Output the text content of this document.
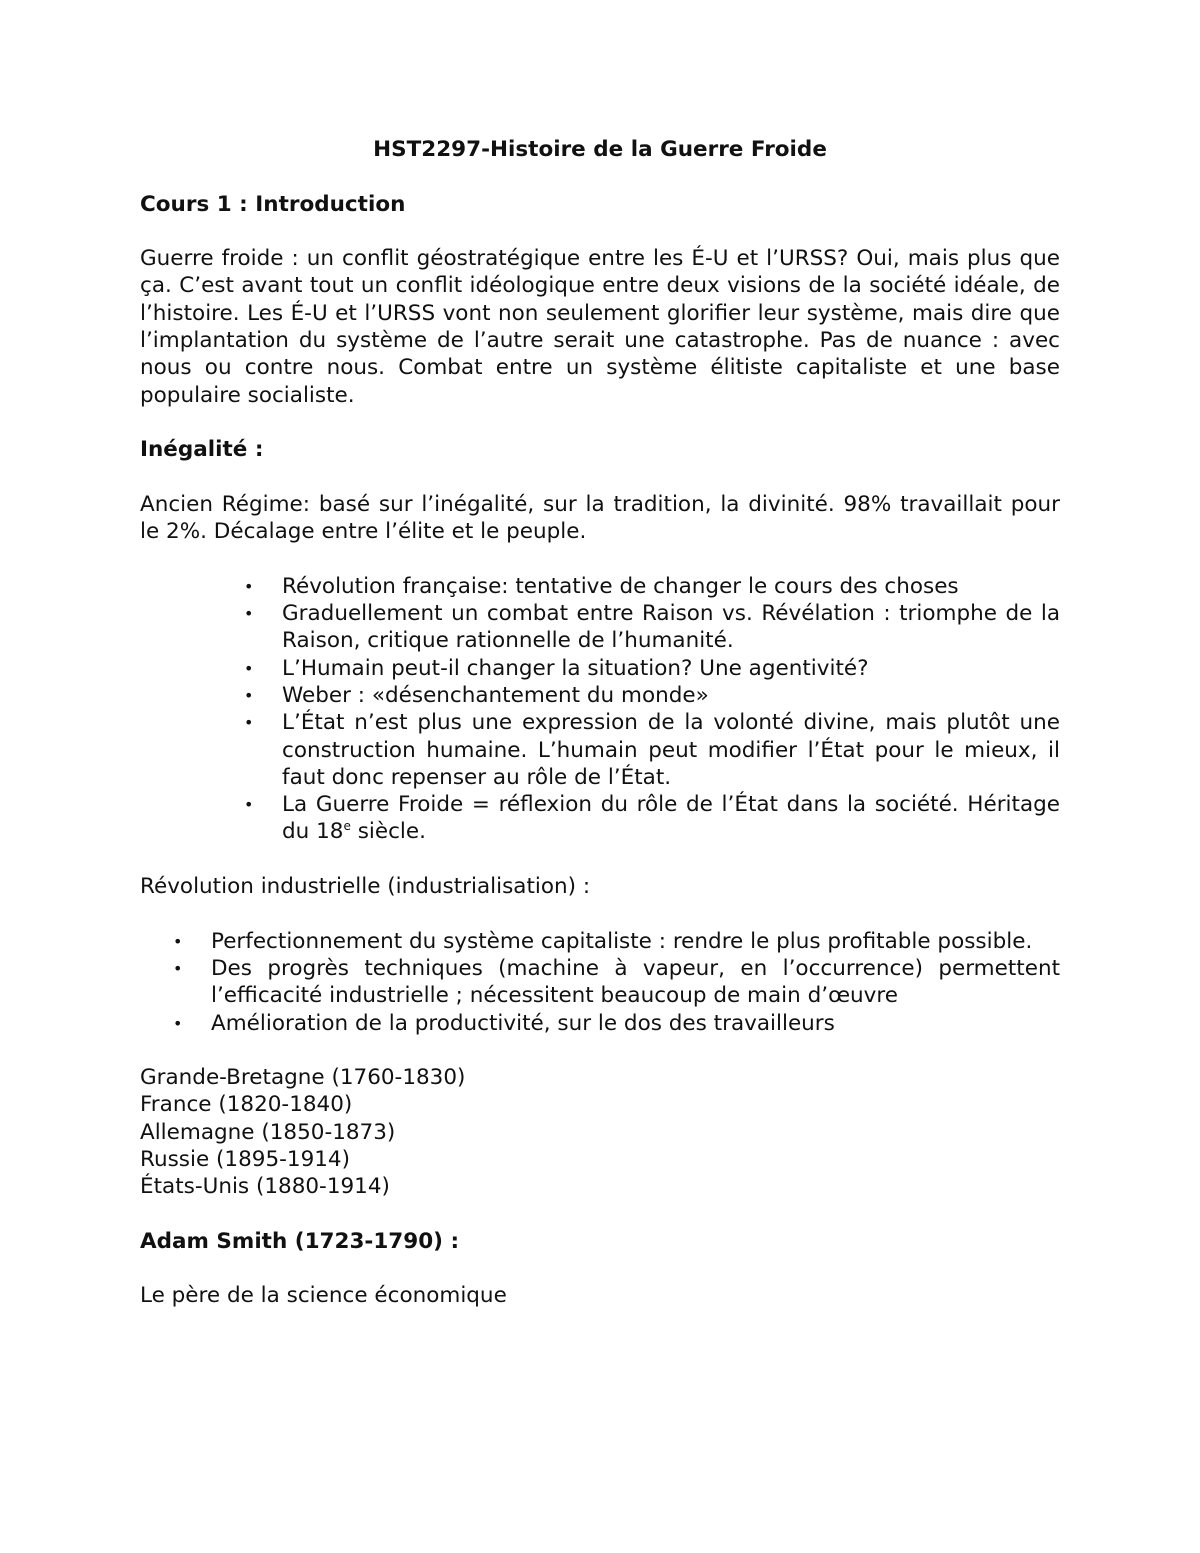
HST2297-Histoire de la Guerre Froide

Cours 1 : Introduction

Guerre froide : un conflit géostratégique entre les É-U et l’URSS? Oui, mais plus que ça. C’est avant tout un conflit idéologique entre deux visions de la société idéale, de l’histoire. Les É-U et l’URSS vont non seulement glorifier leur système, mais dire que l’implantation du système de l’autre serait une catastrophe. Pas de nuance : avec nous ou contre nous. Combat entre un système élitiste capitaliste et une base populaire socialiste.

Inégalité :

Ancien Régime: basé sur l’inégalité, sur la tradition, la divinité. 98% travaillait pour le 2%. Décalage entre l’élite et le peuple.

• Révolution française: tentative de changer le cours des choses
• Graduellement un combat entre Raison vs. Révélation : triomphe de la Raison, critique rationnelle de l’humanité.
• L’Humain peut-il changer la situation? Une agentivité?
• Weber : «désenchantement du monde»
• L’État n’est plus une expression de la volonté divine, mais plutôt une construction humaine. L’humain peut modifier l’État pour le mieux, il faut donc repenser au rôle de l’État.
• La Guerre Froide = réflexion du rôle de l’État dans la société. Héritage du 18e siècle.

Révolution industrielle (industrialisation) :

• Perfectionnement du système capitaliste : rendre le plus profitable possible.
• Des progrès techniques (machine à vapeur, en l’occurrence) permettent l’efficacité industrielle ; nécessitent beaucoup de main d’œuvre
• Amélioration de la productivité, sur le dos des travailleurs

Grande-Bretagne (1760-1830)

France (1820-1840)

Allemagne (1850-1873)

Russie (1895-1914)

États-Unis (1880-1914)

Adam Smith (1723-1790) :

Le père de la science économique
